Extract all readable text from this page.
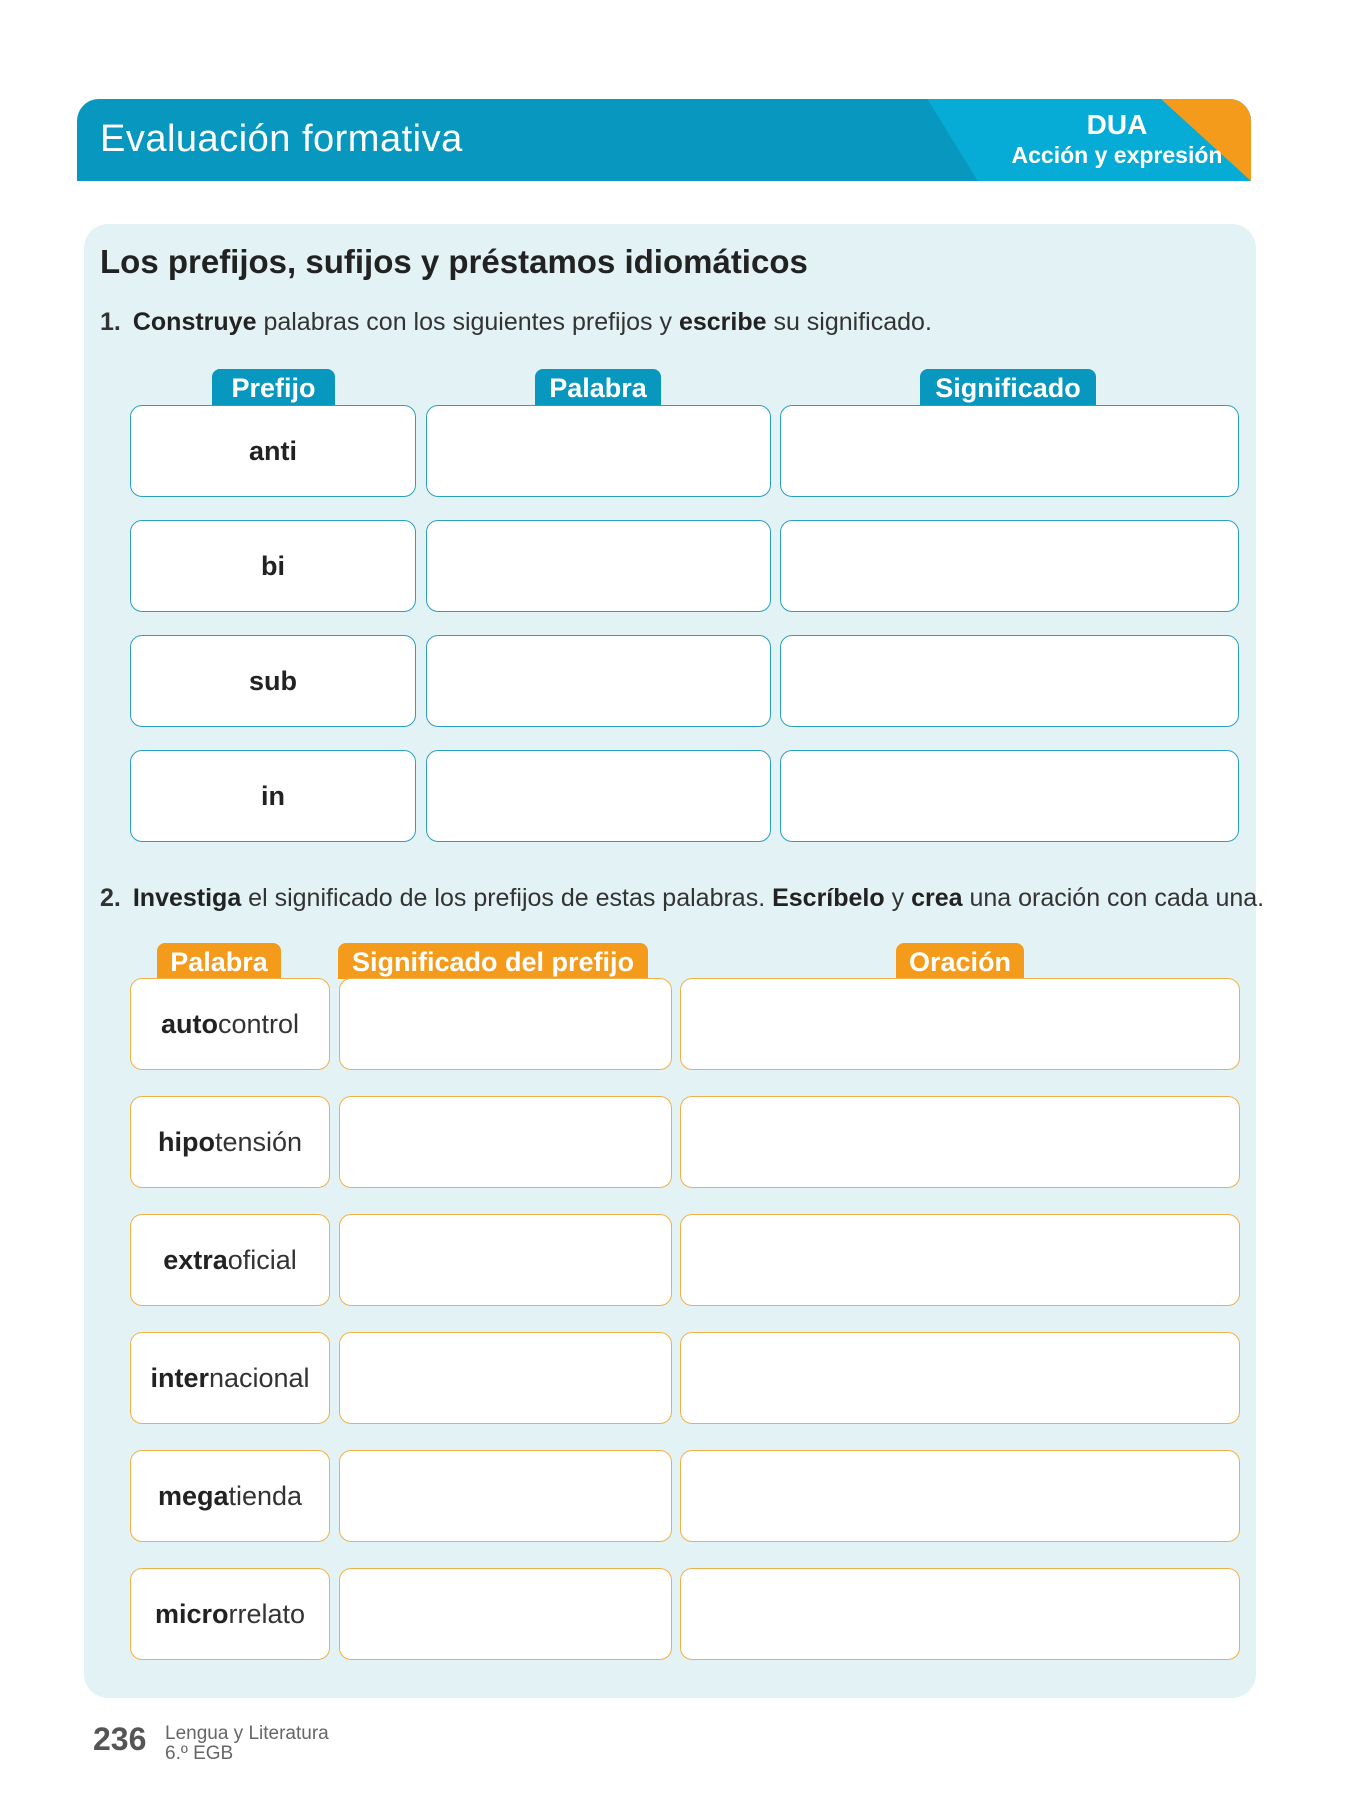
Evaluación formativa	DUA
Acción y expresión
Los prefijos, sufijos y préstamos idiomáticos
1. Construye palabras con los siguientes prefijos y escribe su significado.
Prefijo	Palabra	Significado
anti
bi
sub
in
2. Investiga el significado de los prefijos de estas palabras. Escríbelo y crea una oración con cada una.
Palabra	Significado del prefijo	Oración
autocontrol
hipotensión
extraoficial
internacional
megatienda
microrrelato
236 Lengua y Literatura
6.º EGB
